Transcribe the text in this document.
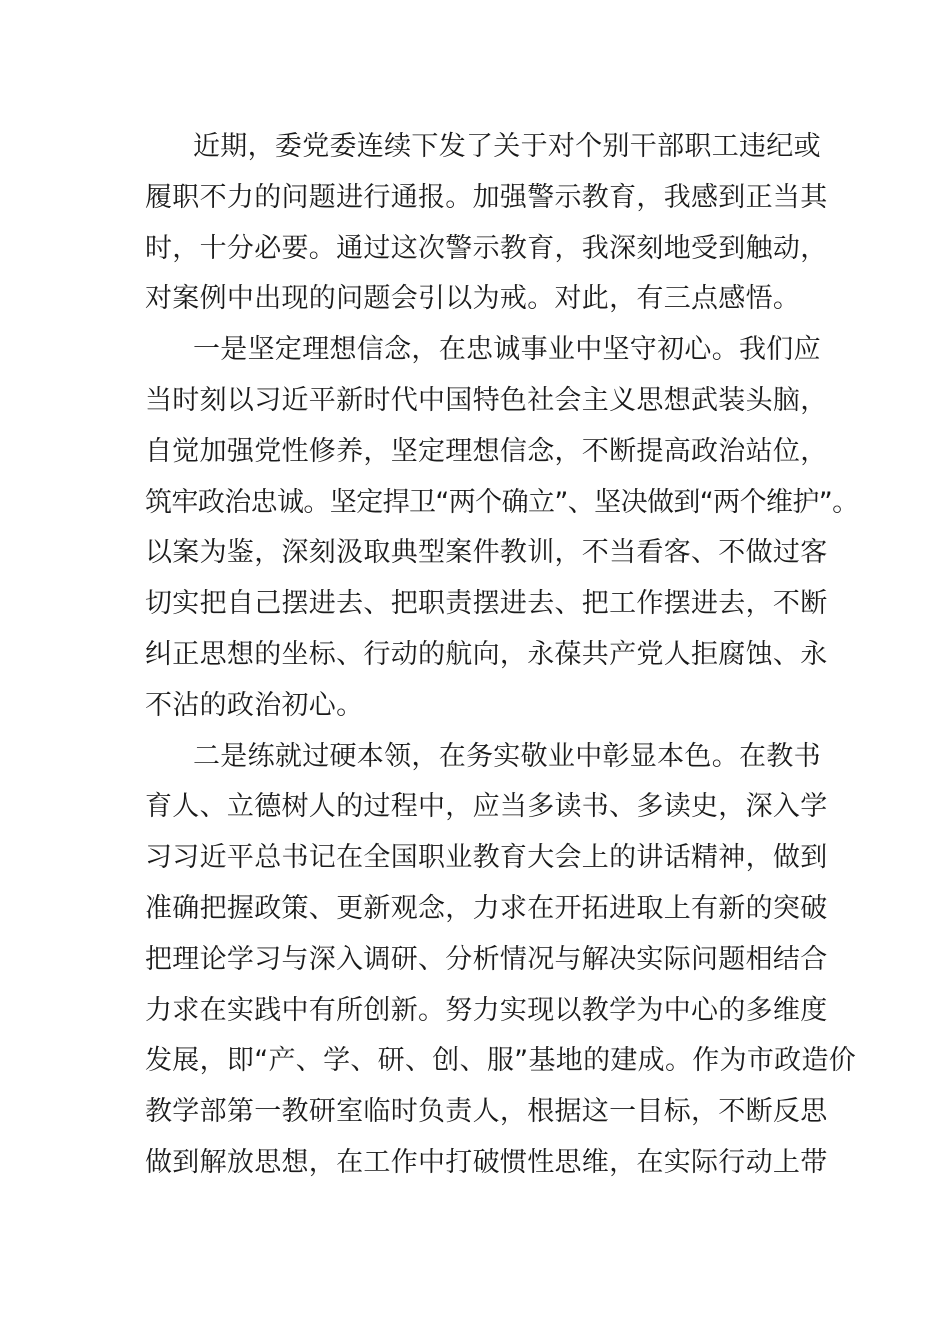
近期，委党委连续下发了关于对个别干部职工违纪或
履职不力的问题进行通报。加强警示教育，我感到正当其
时，十分必要。通过这次警示教育，我深刻地受到触动，
对案例中出现的问题会引以为戒。对此，有三点感悟。
一是坚定理想信念，在忠诚事业中坚守初心。我们应
当时刻以习近平新时代中国特色社会主义思想武装头脑，
自觉加强党性修养，坚定理想信念，不断提高政治站位，
筑牢政治忠诚。坚定捍卫“两个确立”、坚决做到“两个维护”。
以案为鉴，深刻汲取典型案件教训，不当看客、不做过客
切实把自己摆进去、把职责摆进去、把工作摆进去，不断
纠正思想的坐标、行动的航向，永葆共产党人拒腐蚀、永
不沾的政治初心。
二是练就过硬本领，在务实敬业中彰显本色。在教书
育人、立德树人的过程中，应当多读书、多读史，深入学
习习近平总书记在全国职业教育大会上的讲话精神，做到
准确把握政策、更新观念，力求在开拓进取上有新的突破
把理论学习与深入调研、分析情况与解决实际问题相结合
力求在实践中有所创新。努力实现以教学为中心的多维度
发展，即“产、学、研、创、服”基地的建成。作为市政造价
教学部第一教研室临时负责人，根据这一目标，不断反思
做到解放思想，在工作中打破惯性思维，在实际行动上带
